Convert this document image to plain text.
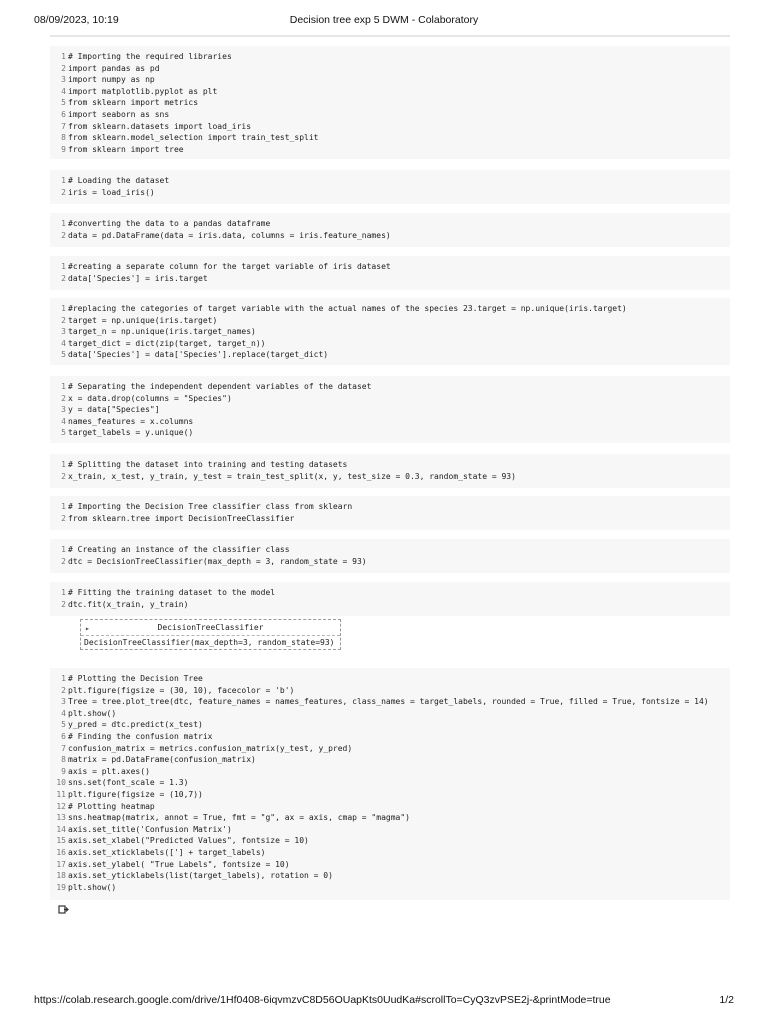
08/09/2023, 10:19	Decision tree exp 5 DWM - Colaboratory
1 # Importing the required libraries
2 import pandas as pd
3 import numpy as np
4 import matplotlib.pyplot as plt
5 from sklearn import metrics
6 import seaborn as sns
7 from sklearn.datasets import load_iris
8 from sklearn.model_selection import train_test_split
9 from sklearn import tree
1 # Loading the dataset
2 iris = load_iris()
1 #converting the data to a pandas dataframe
2 data = pd.DataFrame(data = iris.data, columns = iris.feature_names)
1 #creating a separate column for the target variable of iris dataset
2 data['Species'] = iris.target
1 #replacing the categories of target variable with the actual names of the species 23.target = np.unique(iris.target)
2 target = np.unique(iris.target)
3 target_n = np.unique(iris.target_names)
4 target_dict = dict(zip(target, target_n))
5 data['Species'] = data['Species'].replace(target_dict)
1 # Separating the independent dependent variables of the dataset
2 x = data.drop(columns = "Species")
3 y = data["Species"]
4 names_features = x.columns
5 target_labels = y.unique()
1 # Splitting the dataset into training and testing datasets
2 x_train, x_test, y_train, y_test = train_test_split(x, y, test_size = 0.3, random_state = 93)
1 # Importing the Decision Tree classifier class from sklearn
2 from sklearn.tree import DecisionTreeClassifier
1 # Creating an instance of the classifier class
2 dtc = DecisionTreeClassifier(max_depth = 3, random_state = 93)
1 # Fitting the training dataset to the model
2 dtc.fit(x_train, y_train)
1 # Plotting the Decision Tree
2 plt.figure(figsize = (30, 10), facecolor = 'b')
3 Tree = tree.plot_tree(dtc, feature_names = names_features, class_names = target_labels, rounded = True, filled = True, fontsize = 14)
4 plt.show()
5 y_pred = dtc.predict(x_test)
6 # Finding the confusion matrix
7 confusion_matrix = metrics.confusion_matrix(y_test, y_pred)
8 matrix = pd.DataFrame(confusion_matrix)
9 axis = plt.axes()
10 sns.set(font_scale = 1.3)
11 plt.figure(figsize = (10,7))
12 # Plotting heatmap
13 sns.heatmap(matrix, annot = True, fmt = "g", ax = axis, cmap = "magma")
14 axis.set_title('Confusion Matrix')
15 axis.set_xlabel("Predicted Values", fontsize = 10)
16 axis.set_xticklabels(['] + target_labels)
17 axis.set_ylabel( "True Labels", fontsize = 10)
18 axis.set_yticklabels(list(target_labels), rotation = 0)
19 plt.show()
▸	DecisionTreeClassifier
DecisionTreeClassifier(max_depth=3, random_state=93)
https://colab.research.google.com/drive/1Hf0408-6iqvmzvC8D56OUapKts0UudKa#scrollTo=CyQ3zvPSE2j-&printMode=true	1/2
